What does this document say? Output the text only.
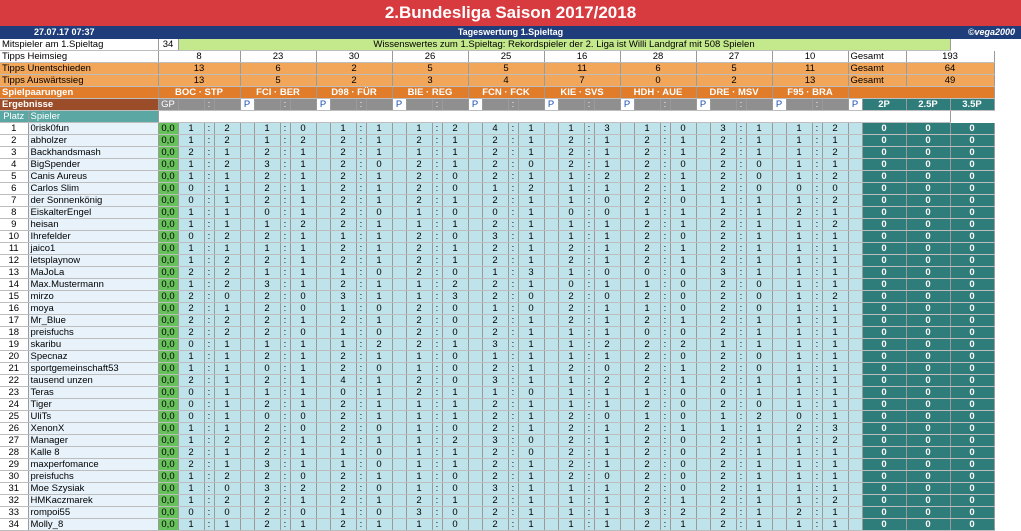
2.Bundesliga Saison 2017/2018
27.07.17 07:37	Tageswertung 1.Spieltag	©vega2000
Mitspieler am 1.Spieltag		34	Wissenswertes zum 1.Spieltag: Rekordspieler der 2. Liga ist Willi Landgraf mit 508 Spielen																																						
Tipps Heimsieg		8				23				30				26				25				16				28				27				10				Gesamt		193	
Tipps Unentschieden		13				6				2				5				5				11				6				5				11				Gesamt		64	
Tipps Auswärtssieg		13				5				2				3				4				7				0				2				13				Gesamt		49	
Spielpaarungen		BOC · STP				FCI · BER				D98 · FÜR				BIE · REG				FCN · FCK				KIE · SVS				HDH · AUE				DRE · MSV				F95 · BRA							
Ergebnisse		GP		:		P		:		P		:		P		:		P		:		P		:		P		:		P		:		P		:		P	2P	2.5P	3.5P
Platz	Spieler																																								
1	0risk0fun	0,0	1	:	2		1	:	0		1	:	1		1	:	2		4	:	1		1	:	3		1	:	0		3	:	1		1	:	2		0	0	0
2	abholzer	0,0	1	:	2		1	:	2		2	:	1		2	:	1		2	:	1		2	:	1		2	:	1		2	:	1		1	:	1		0	0	0
3	Backhandsmash	0,0	2	:	1		2	:	1		2	:	1		1	:	1		2	:	1		2	:	1		2	:	1		2	:	1		1	:	2		0	0	0
4	BigSpender	0,0	1	:	2		3	:	1		2	:	0		2	:	1		2	:	0		2	:	1		2	:	0		2	:	0		1	:	1		0	0	0
5	Canis Aureus	0,0	1	:	1		2	:	1		2	:	1		2	:	0		2	:	1		1	:	2		2	:	1		2	:	0		1	:	2		0	0	0
6	Carlos Slim	0,0	0	:	1		2	:	1		2	:	1		2	:	0		1	:	2		1	:	1		2	:	1		2	:	0		0	:	0		0	0	0
7	der Sonnenkönig	0,0	0	:	1		2	:	1		2	:	1		2	:	1		2	:	1		1	:	0		2	:	0		1	:	1		1	:	2		0	0	0
8	EiskalterEngel	0,0	1	:	1		0	:	1		2	:	0		1	:	0		0	:	1		0	:	0		1	:	1		2	:	1		2	:	1		0	0	0
9	heisan	0,0	1	:	1		1	:	2		2	:	1		1	:	1		2	:	1		1	:	1		2	:	1		2	:	1		1	:	2		0	0	0
10	Ihrefelder	0,0	0	:	2		2	:	1		1	:	1		2	:	0		3	:	1		1	:	1		2	:	0		2	:	1		1	:	1		0	0	0
11	jaico1	0,0	1	:	1		1	:	1		2	:	1		2	:	1		2	:	1		2	:	1		2	:	1		2	:	1		1	:	1		0	0	0
12	letsplaynow	0,0	1	:	2		2	:	1		2	:	1		2	:	1		2	:	1		2	:	1		2	:	1		2	:	1		1	:	1		0	0	0
13	MaJoLa	0,0	2	:	2		1	:	1		1	:	0		2	:	0		1	:	3		1	:	0		0	:	0		3	:	1		1	:	1		0	0	0
14	Max.Mustermann	0,0	1	:	2		3	:	1		2	:	1		1	:	2		2	:	1		0	:	1		1	:	0		2	:	0		1	:	1		0	0	0
15	mirzo	0,0	2	:	0		2	:	0		3	:	1		1	:	3		2	:	0		2	:	0		2	:	0		2	:	0		1	:	2		0	0	0
16	moya	0,0	2	:	1		2	:	0		1	:	0		2	:	0		1	:	0		2	:	1		1	:	0		2	:	0		1	:	1		0	0	0
17	Mr_Blue	0,0	2	:	2		2	:	1		2	:	1		2	:	0		2	:	1		2	:	1		2	:	1		2	:	1		1	:	1		0	0	0
18	preisfuchs	0,0	2	:	2		2	:	0		1	:	0		2	:	0		2	:	1		1	:	1		0	:	0		2	:	1		1	:	1		0	0	0
19	skaribu	0,0	0	:	1		1	:	1		1	:	2		2	:	1		3	:	1		1	:	2		2	:	2		1	:	1		1	:	1		0	0	0
20	Specnaz	0,0	1	:	1		2	:	1		2	:	1		1	:	0		1	:	1		1	:	1		2	:	0		2	:	0		1	:	1		0	0	0
21	sportgemeinschaft53	0,0	1	:	1		0	:	1		2	:	0		1	:	0		2	:	1		2	:	0		2	:	1		2	:	0		1	:	1		0	0	0
22	tausend unzen	0,0	2	:	1		2	:	1		4	:	1		2	:	0		3	:	1		1	:	2		2	:	1		2	:	1		1	:	1		0	0	0
23	Teras	0,0	0	:	1		1	:	1		0	:	1		2	:	1		1	:	0		1	:	1		1	:	0		0	:	1		1	:	1		0	0	0
24	Tiger	0,0	0	:	1		2	:	1		2	:	1		1	:	1		2	:	1		1	:	1		2	:	0		2	:	0		1	:	1		0	0	0
25	UliTs	0,0	0	:	1		0	:	0		2	:	1		1	:	1		2	:	1		2	:	0		1	:	0		1	:	2		0	:	1		0	0	0
26	XenonX	0,0	1	:	1		2	:	0		2	:	0		1	:	0		2	:	1		2	:	1		2	:	1		1	:	1		2	:	3		0	0	0
27	Manager	0,0	1	:	2		2	:	1		2	:	1		1	:	2		3	:	0		2	:	1		2	:	0		2	:	1		1	:	2		0	0	0
28	Kalle 8	0,0	2	:	1		2	:	1		1	:	0		1	:	1		2	:	0		2	:	1		2	:	0		2	:	1		1	:	1		0	0	0
29	maxperfomance	0,0	2	:	1		3	:	1		1	:	0		1	:	1		2	:	1		2	:	1		2	:	0		2	:	1		1	:	1		0	0	0
30	preisfuchs	0,0	1	:	2		2	:	0		2	:	1		1	:	0		2	:	1		2	:	0		2	:	0		2	:	1		1	:	1		0	0	0
31	Moe Szysiak	0,0	1	:	0		3	:	2		2	:	0		1	:	0		3	:	1		1	:	1		2	:	0		2	:	1		1	:	1		0	0	0
32	HMKaczmarek	0,0	1	:	2		2	:	1		2	:	1		2	:	1		2	:	1		1	:	1		2	:	1		2	:	1		1	:	2		0	0	0
33	rompoi55	0,0	0	:	0		2	:	0		1	:	0		3	:	0		2	:	1		1	:	1		3	:	2		2	:	1		2	:	1		0	0	0
34	Molly_8	0,0	1	:	1		2	:	1		2	:	1		1	:	0		2	:	1		1	:	1		2	:	1		2	:	1		1	:	1		0	0	0
